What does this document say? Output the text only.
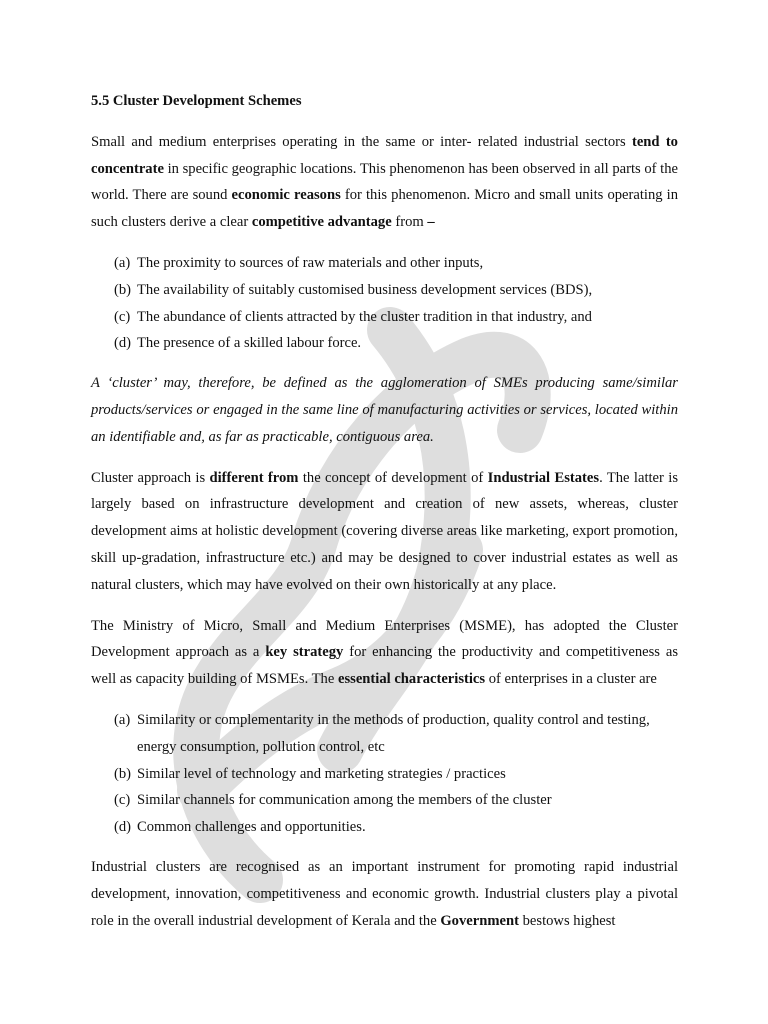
5.5 Cluster Development Schemes

Small and medium enterprises operating in the same or inter- related industrial sectors tend to concentrate in specific geographic locations. This phenomenon has been observed in all parts of the world. There are sound economic reasons for this phenomenon. Micro and small units operating in such clusters derive a clear competitive advantage from –

(a) The proximity to sources of raw materials and other inputs,
(b) The availability of suitably customised business development services (BDS),
(c) The abundance of clients attracted by the cluster tradition in that industry, and
(d) The presence of a skilled labour force.

A ‘cluster’ may, therefore, be defined as the agglomeration of SMEs producing same/similar products/services or engaged in the same line of manufacturing activities or services, located within an identifiable and, as far as practicable, contiguous area.

Cluster approach is different from the concept of development of Industrial Estates. The latter is largely based on infrastructure development and creation of new assets, whereas, cluster development aims at holistic development (covering diverse areas like marketing, export promotion, skill up-gradation, infrastructure etc.) and may be designed to cover industrial estates as well as natural clusters, which may have evolved on their own historically at any place.

The Ministry of Micro, Small and Medium Enterprises (MSME), has adopted the Cluster Development approach as a key strategy for enhancing the productivity and competitiveness as well as capacity building of MSMEs. The essential characteristics of enterprises in a cluster are

(a) Similarity or complementarity in the methods of production, quality control and testing, energy consumption, pollution control, etc
(b) Similar level of technology and marketing strategies / practices
(c) Similar channels for communication among the members of the cluster
(d) Common challenges and opportunities.

Industrial clusters are recognised as an important instrument for promoting rapid industrial development, innovation, competitiveness and economic growth. Industrial clusters play a pivotal role in the overall industrial development of Kerala and the Government bestows highest
